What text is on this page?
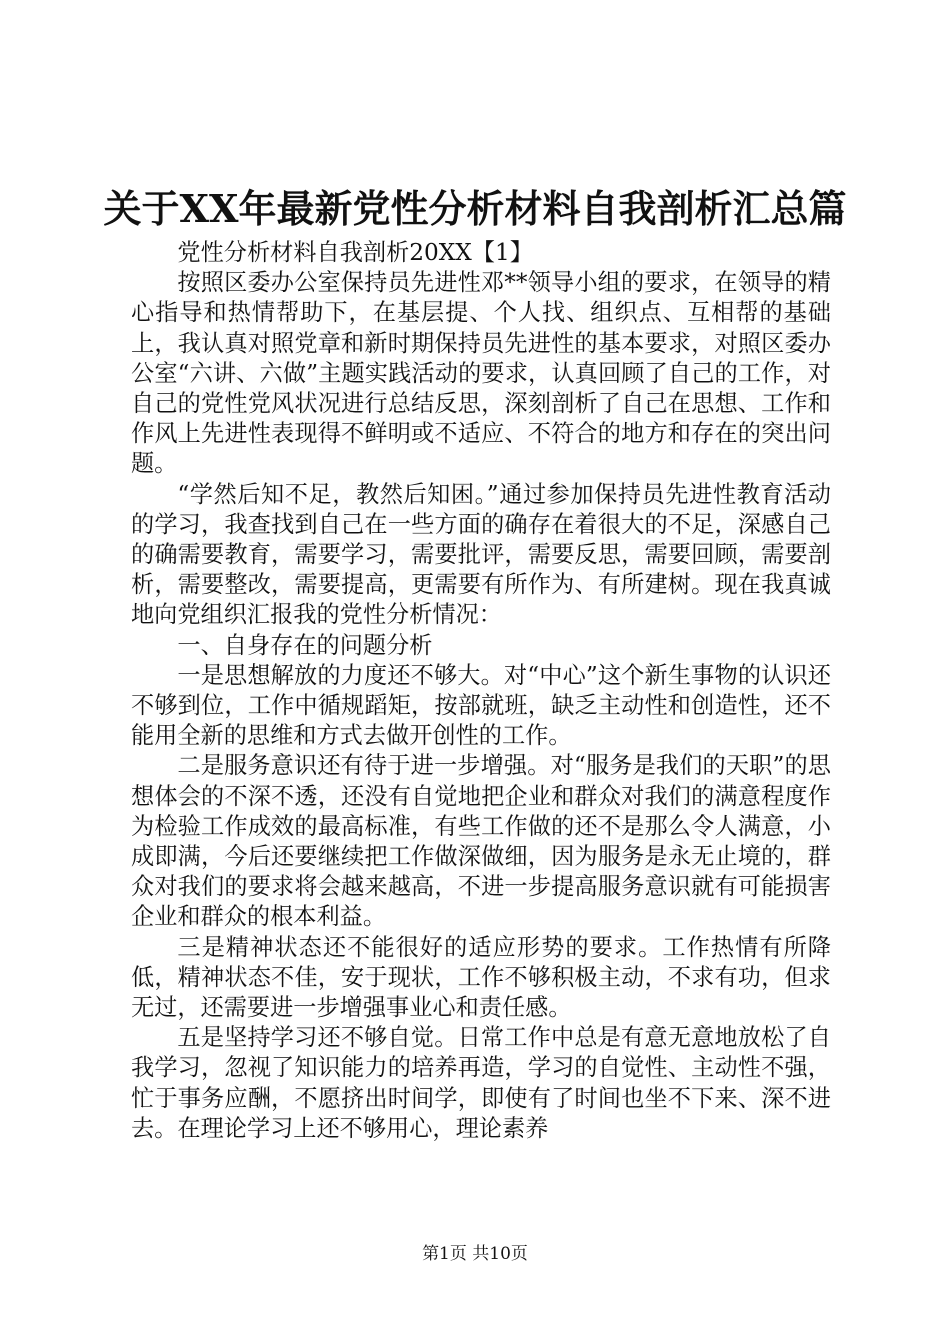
关于XX年最新党性分析材料自我剖析汇总篇

党性分析材料自我剖析20XX【1】

按照区委办公室保持员先进性邓**领导小组的要求，在领导的精心指导和热情帮助下，在基层提、个人找、组织点、互相帮的基础上，我认真对照党章和新时期保持员先进性的基本要求，对照区委办公室“六讲、六做”主题实践活动的要求，认真回顾了自己的工作，对自己的党性党风状况进行总结反思，深刻剖析了自己在思想、工作和作风上先进性表现得不鲜明或不适应、不符合的地方和存在的突出问题。

“学然后知不足，教然后知困。”通过参加保持员先进性教育活动的学习，我查找到自己在一些方面的确存在着很大的不足，深感自己的确需要教育，需要学习，需要批评，需要反思，需要回顾，需要剖析，需要整改，需要提高，更需要有所作为、有所建树。现在我真诚地向党组织汇报我的党性分析情况：

一、自身存在的问题分析

一是思想解放的力度还不够大。对“中心”这个新生事物的认识还不够到位，工作中循规蹈矩，按部就班，缺乏主动性和创造性，还不能用全新的思维和方式去做开创性的工作。

二是服务意识还有待于进一步增强。对“服务是我们的天职”的思想体会的不深不透，还没有自觉地把企业和群众对我们的满意程度作为检验工作成效的最高标准，有些工作做的还不是那么令人满意，小成即满，今后还要继续把工作做深做细，因为服务是永无止境的，群众对我们的要求将会越来越高，不进一步提高服务意识就有可能损害企业和群众的根本利益。

三是精神状态还不能很好的适应形势的要求。工作热情有所降低，精神状态不佳，安于现状，工作不够积极主动，不求有功，但求无过，还需要进一步增强事业心和责任感。

五是坚持学习还不够自觉。日常工作中总是有意无意地放松了自我学习，忽视了知识能力的培养再造，学习的自觉性、主动性不强，忙于事务应酬，不愿挤出时间学，即使有了时间也坐不下来、深不进去。在理论学习上还不够用心，理论素养

第1页 共10页
